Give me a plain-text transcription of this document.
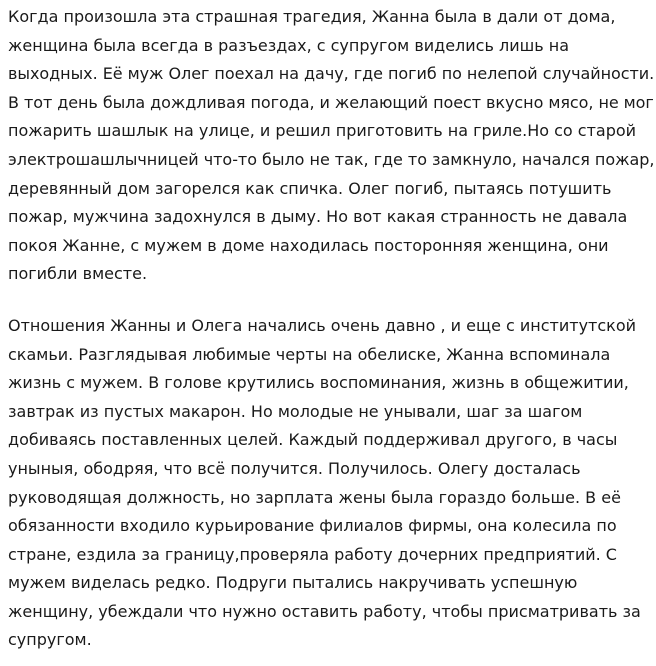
Когда произошла эта страшная трагедия, Жанна была в дали от дома,
женщина была всегда в разъездах, с супругом виделись лишь на
выходных. Её муж Олег поехал на дачу, где погиб по нелепой случайности.
В тот день была дождливая погода, и желающий поест вкусно мясо, не мог
пожарить шашлык на улице, и решил приготовить на гриле.Но со старой
электрошашлычницей что-то было не так, где то замкнуло, начался пожар,
деревянный дом загорелся как спичка. Олег погиб, пытаясь потушить
пожар, мужчина задохнулся в дыму. Но вот какая странность не давала
покоя Жанне, с мужем в доме находилась посторонняя женщина, они
погибли вместе.

Отношения Жанны и Олега начались очень давно , и еще с институтской
скамьи. Разглядывая любимые черты на обелиске, Жанна вспоминала
жизнь с мужем. В голове крутились воспоминания, жизнь в общежитии,
завтрак из пустых макарон. Но молодые не унывали, шаг за шагом
добиваясь поставленных целей. Каждый поддерживал другого, в часы
уныныя, ободряя, что всё получится. Получилось. Олегу досталась
руководящая должность, но зарплата жены была гораздо больше. В её
обязанности входило курьирование филиалов фирмы, она колесила по
стране, ездила за границу,проверяла работу дочерних предприятий. С
мужем виделась редко. Подруги пытались накручивать успешную
женщину, убеждали что нужно оставить работу, чтобы присматривать за
супругом.
